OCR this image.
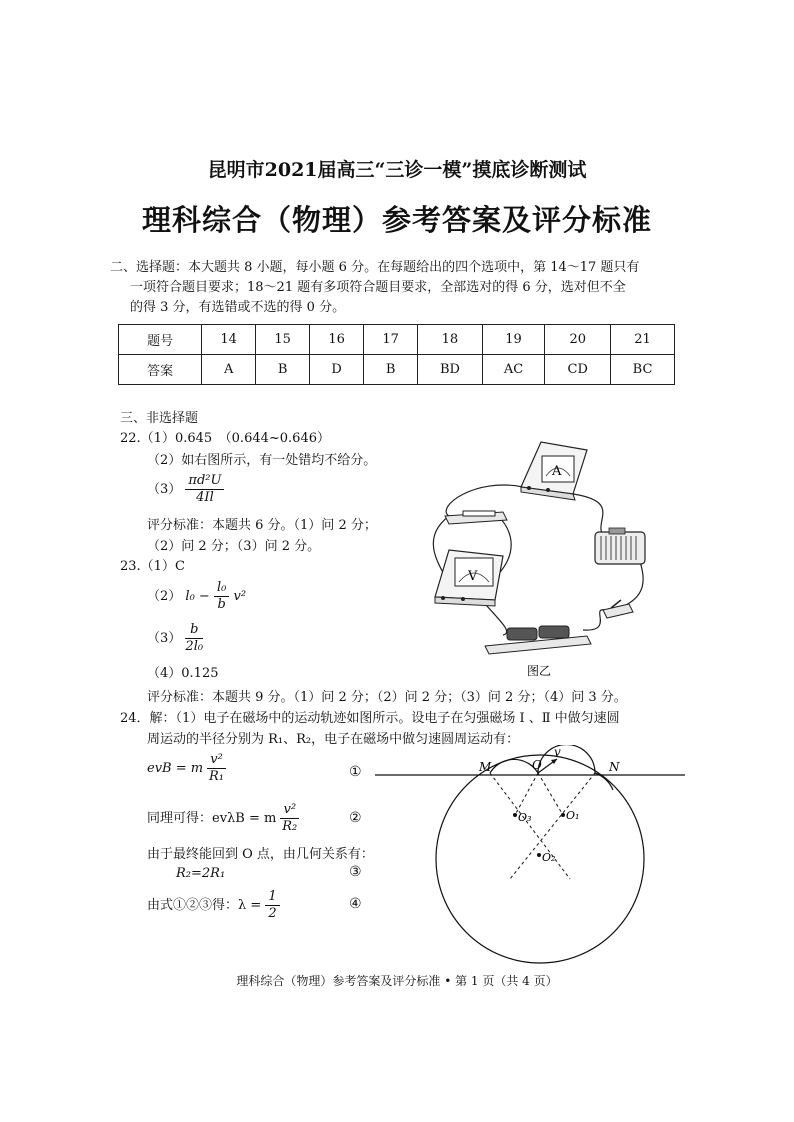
昆明市2021届高三“三诊一模”摸底诊断测试
理科综合（物理）参考答案及评分标准

二、选择题：本大题共 8 小题，每小题 6 分。在每题给出的四个选项中，第 14～17 题只有

一项符合题目要求；18～21 题有多项符合题目要求，全部选对的得 6 分，选对但不全

的得 3 分，有选错或不选的得 0 分。

题号	14	15	16	17	18	19	20	21
答案	A	B	D	B	BD	AC	CD	BC
三、非选择题
22.（1）0.645　（0.644~0.646）
（2）如右图所示，有一处错均不给分。
$(3) \frac{\text{πd²U}}{4Il}$
评分标准：本题共 6 分。（1）问 2 分；
（2）问 2 分；（3）问 2 分。
A
V
图乙
23.（1）C
（2） $l_0 - \frac{\text{l₀}}{b} v^2$
$(3) \frac{b}{\text{2l₀}}$
（4）0.125
评分标准：本题共 9 分。（1）问 2 分；（2）问 2 分；（3）问 2 分；（4）问 3 分。
24．解：（1）电子在磁场中的运动轨迹如图所示。设电子在匀强磁场 Ⅰ 、Ⅱ 中做匀速圆
周运动的半径分别为 R₁、R₂，电子在磁场中做匀速圆周运动有：
evB = m $\frac{\text{v²}}{\text{R₁}}$	①
同理可得：evλB = m $\frac{\text{v²}}{\text{R₂}}$	②
由于最终能回到 O 点，由几何关系有：
R₂=2R₁	③
由式①②③得：$\lambda = \frac{1}{2}$	④
M	O	N
v
O₃	O₁
O₂
理科综合（物理）参考答案及评分标准 • 第 1 页（共 4 页）
